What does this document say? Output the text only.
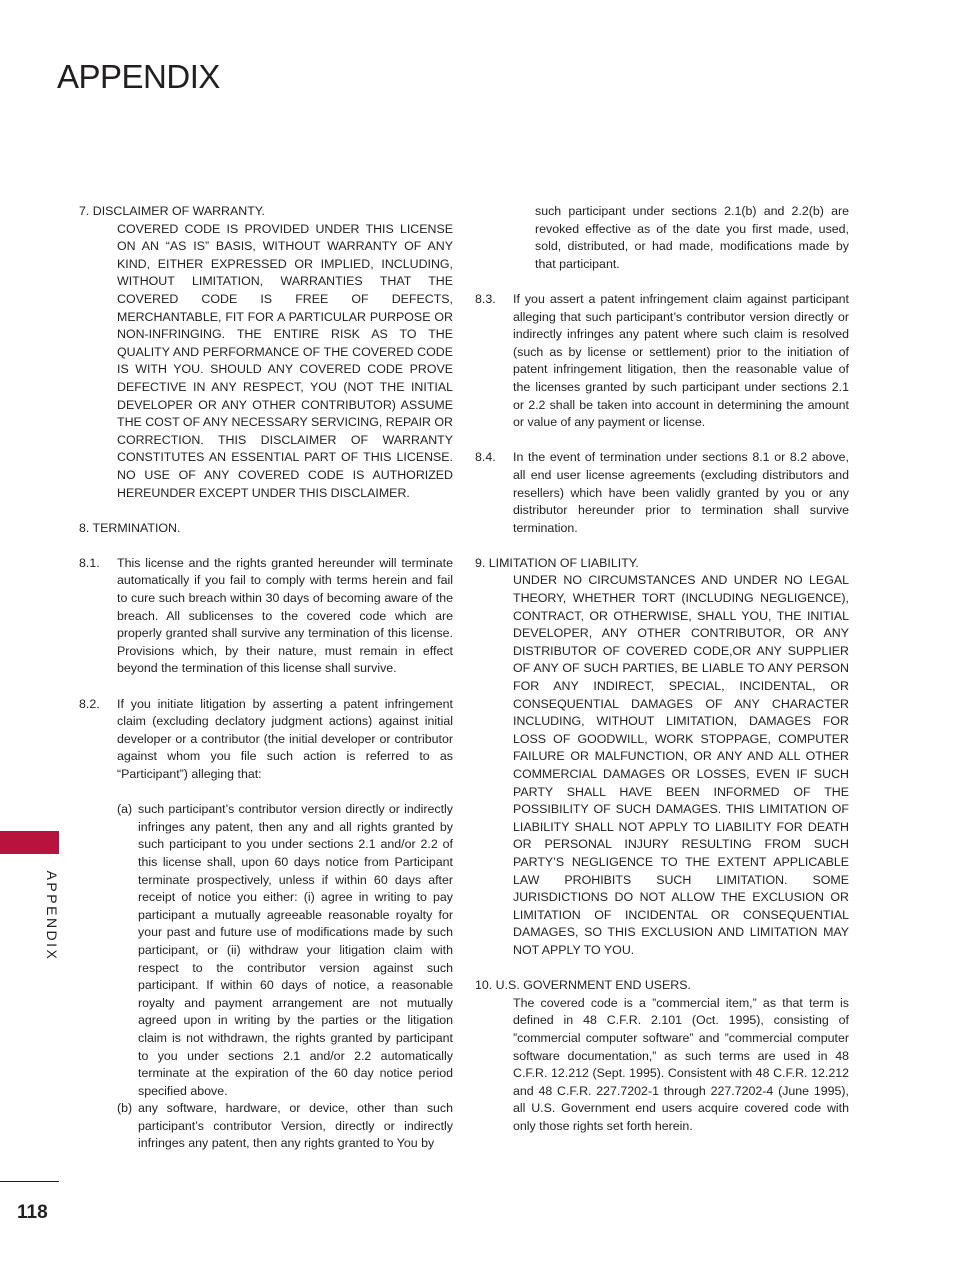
APPENDIX
APPENDIX
118

7. DISCLAIMER OF WARRANTY.

COVERED CODE IS PROVIDED UNDER THIS LICENSE ON AN “AS IS” BASIS, WITHOUT WARRANTY OF ANY KIND, EITHER EXPRESSED OR IMPLIED, INCLUDING, WITHOUT LIMITATION, WARRANTIES THAT THE COVERED CODE IS FREE OF DEFECTS, MERCHANTABLE, FIT FOR A PARTICULAR PURPOSE OR NON-INFRINGING. THE ENTIRE RISK AS TO THE QUALITY AND PERFORMANCE OF THE COVERED CODE IS WITH YOU. SHOULD ANY COVERED CODE PROVE DEFECTIVE IN ANY RESPECT, YOU (NOT THE INITIAL DEVELOPER OR ANY OTHER CONTRIBUTOR) ASSUME THE COST OF ANY NECESSARY SERVICING, REPAIR OR CORRECTION. THIS DISCLAIMER OF WARRANTY CONSTITUTES AN ESSENTIAL PART OF THIS LICENSE. NO USE OF ANY COVERED CODE IS AUTHORIZED HEREUNDER EXCEPT UNDER THIS DISCLAIMER.

8. TERMINATION.

8.1.	This license and the rights granted hereunder will terminate automatically if you fail to comply with terms herein and fail to cure such breach within 30 days of becoming aware of the breach. All sublicenses to the covered code which are properly granted shall survive any termination of this license. Provisions which, by their nature, must remain in effect beyond the termination of this license shall survive.
8.2.	If you initiate litigation by asserting a patent infringement claim (excluding declatory judgment actions) against initial developer or a contributor (the initial developer or contributor against whom you file such action is referred to as “Participant”) alleging that:
(a) such participant’s contributor version directly or indirectly infringes any patent, then any and all rights granted by such participant to you under sections 2.1 and/or 2.2 of this license shall, upon 60 days notice from Participant terminate prospectively, unless if within 60 days after receipt of notice you either: (i) agree in writing to pay participant a mutually agreeable reasonable royalty for your past and future use of modifications made by such participant, or (ii) withdraw your litigation claim with respect to the contributor version against such participant. If within 60 days of notice, a reasonable royalty and payment arrangement are not mutually agreed upon in writing by the parties or the litigation claim is not withdrawn, the rights granted by participant to you under sections 2.1 and/or 2.2 automatically terminate at the expiration of the 60 day notice period specified above.
(b) any software, hardware, or device, other than such participant’s contributor Version, directly or indirectly infringes any patent, then any rights granted to You by

such participant under sections 2.1(b) and 2.2(b) are revoked effective as of the date you first made, used, sold, distributed, or had made, modifications made by that participant.

8.3.	If you assert a patent infringement claim against participant alleging that such participant’s contributor version directly or indirectly infringes any patent where such claim is resolved (such as by license or settlement) prior to the initiation of patent infringement litigation, then the reasonable value of the licenses granted by such participant under sections 2.1 or 2.2 shall be taken into account in determining the amount or value of any payment or license.
8.4.	In the event of termination under sections 8.1 or 8.2 above, all end user license agreements (excluding distributors and resellers) which have been validly granted by you or any distributor hereunder prior to termination shall survive termination.

9. LIMITATION OF LIABILITY.

UNDER NO CIRCUMSTANCES AND UNDER NO LEGAL THEORY, WHETHER TORT (INCLUDING NEGLIGENCE), CONTRACT, OR OTHERWISE, SHALL YOU, THE INITIAL DEVELOPER, ANY OTHER CONTRIBUTOR, OR ANY DISTRIBUTOR OF COVERED CODE,OR ANY SUPPLIER OF ANY OF SUCH PARTIES, BE LIABLE TO ANY PERSON FOR ANY INDIRECT, SPECIAL, INCIDENTAL, OR CONSEQUENTIAL DAMAGES OF ANY CHARACTER INCLUDING, WITHOUT LIMITATION, DAMAGES FOR LOSS OF GOODWILL, WORK STOPPAGE, COMPUTER FAILURE OR MALFUNCTION, OR ANY AND ALL OTHER COMMERCIAL DAMAGES OR LOSSES, EVEN IF SUCH PARTY SHALL HAVE BEEN INFORMED OF THE POSSIBILITY OF SUCH DAMAGES. THIS LIMITATION OF LIABILITY SHALL NOT APPLY TO LIABILITY FOR DEATH OR PERSONAL INJURY RESULTING FROM SUCH PARTY’S NEGLIGENCE TO THE EXTENT APPLICABLE LAW PROHIBITS SUCH LIMITATION. SOME JURISDICTIONS DO NOT ALLOW THE EXCLUSION OR LIMITATION OF INCIDENTAL OR CONSEQUENTIAL DAMAGES, SO THIS EXCLUSION AND LIMITATION MAY NOT APPLY TO YOU.

10. U.S. GOVERNMENT END USERS.

The covered code is a ”commercial item,” as that term is defined in 48 C.F.R. 2.101 (Oct. 1995), consisting of ”commercial computer software” and ”commercial computer software documentation,” as such terms are used in 48 C.F.R. 12.212 (Sept. 1995). Consistent with 48 C.F.R. 12.212 and 48 C.F.R. 227.7202-1 through 227.7202-4 (June 1995), all U.S. Government end users acquire covered code with only those rights set forth herein.
